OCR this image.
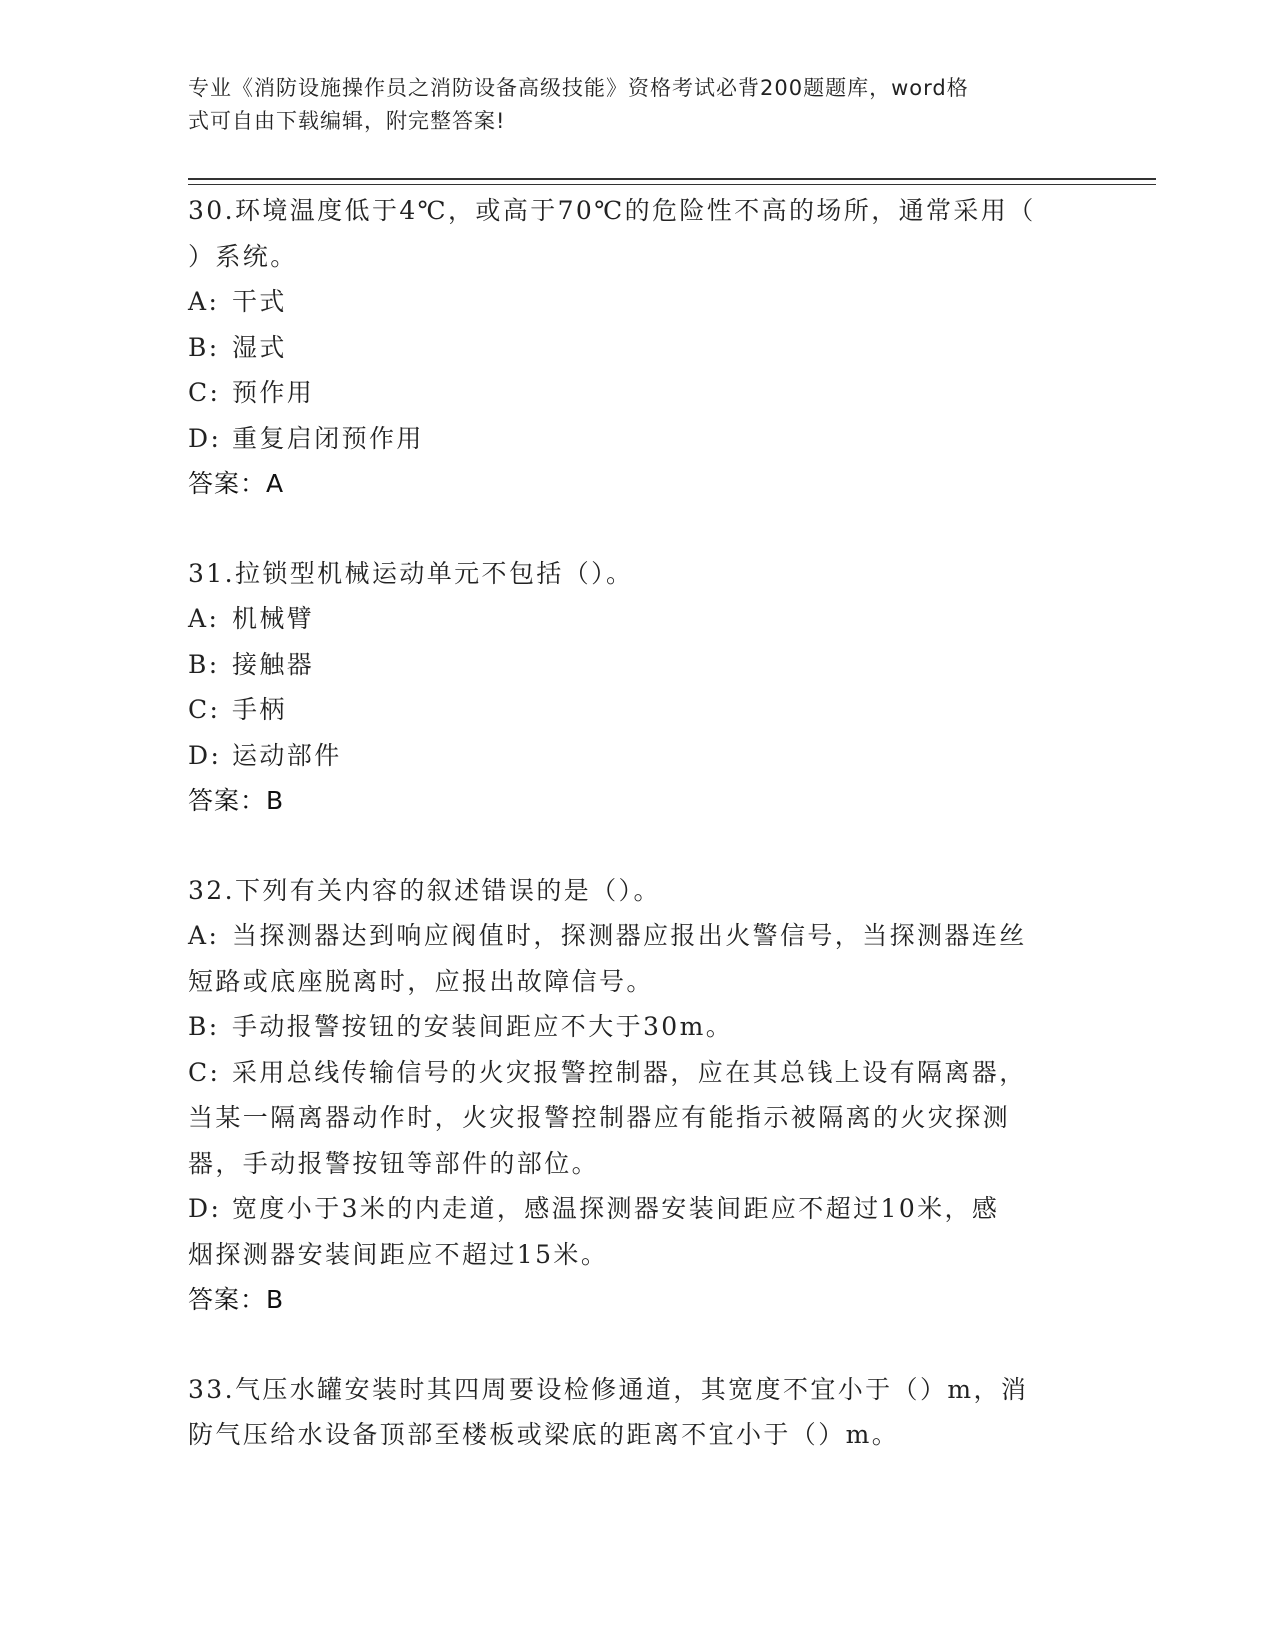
专业《消防设施操作员之消防设备高级技能》资格考试必背200题题库，word格
式可自由下载编辑，附完整答案!
30.环境温度低于4℃，或高于70℃的危险性不高的场所，通常采用（
）系统。
A: 干式
B: 湿式
C: 预作用
D: 重复启闭预作用
答案：A
31.拉锁型机械运动单元不包括（）。
A: 机械臂
B: 接触器
C: 手柄
D: 运动部件
答案：B
32.下列有关内容的叙述错误的是（）。
A: 当探测器达到响应阀值时，探测器应报出火警信号，当探测器连丝
短路或底座脱离时，应报出故障信号。
B: 手动报警按钮的安装间距应不大于30m。
C: 采用总线传输信号的火灾报警控制器，应在其总钱上设有隔离器，
当某一隔离器动作时，火灾报警控制器应有能指示被隔离的火灾探测
器，手动报警按钮等部件的部位。
D: 宽度小于3米的内走道，感温探测器安装间距应不超过10米，感
烟探测器安装间距应不超过15米。
答案：B
33.气压水罐安装时其四周要设检修通道，其宽度不宜小于（）m，消
防气压给水设备顶部至楼板或梁底的距离不宜小于（）m。
